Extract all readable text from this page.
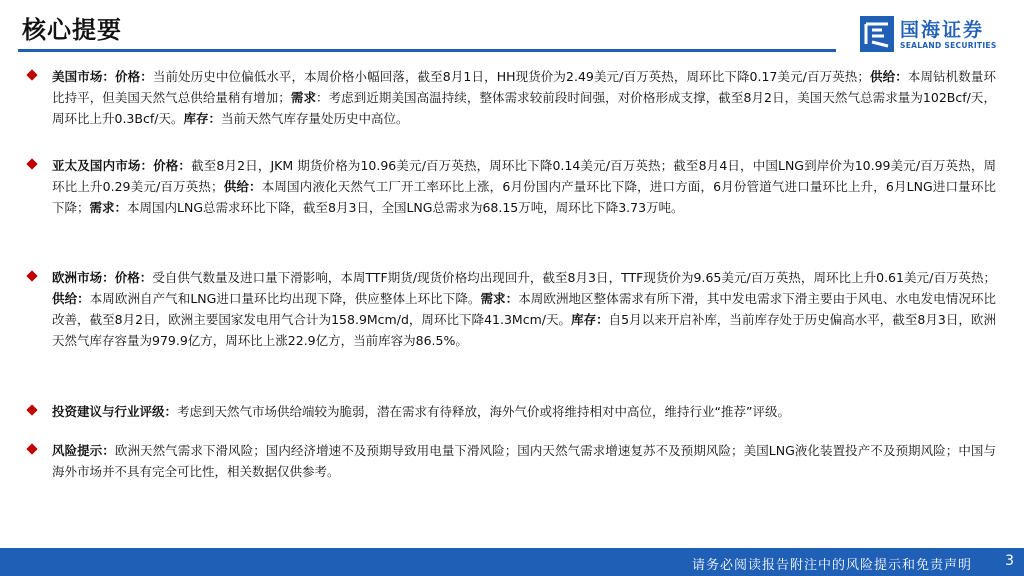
核心提要	国海证券
SEALAND SECURITIES
美国市场：价格：当前处历史中位偏低水平，本周价格小幅回落，截至8月1日，HH现货价为2.49美元/百万英热，周环比下降0.17美元/百万英热；供给：本周钻机数量环比持平，但美国天然气总供给量稍有增加；需求：考虑到近期美国高温持续，整体需求较前段时间强，对价格形成支撑，截至8月2日，美国天然气总需求量为102Bcf/天，周环比上升0.3Bcf/天。库存：当前天然气库存量处历史中高位。
亚太及国内市场：价格：截至8月2日，JKM 期货价格为10.96美元/百万英热，周环比下降0.14美元/百万英热；截至8月4日，中国LNG到岸价为10.99美元/百万英热，周环比上升0.29美元/百万英热；供给：本周国内液化天然气工厂开工率环比上涨，6月份国内产量环比下降，进口方面，6月份管道气进口量环比上升，6月LNG进口量环比下降；需求：本周国内LNG总需求环比下降，截至8月3日，全国LNG总需求为68.15万吨，周环比下降3.73万吨。
欧洲市场：价格：受自供气数量及进口量下滑影响，本周TTF期货/现货价格均出现回升，截至8月3日，TTF现货价为9.65美元/百万英热，周环比上升0.61美元/百万英热；供给：本周欧洲自产气和LNG进口量环比均出现下降，供应整体上环比下降。需求：本周欧洲地区整体需求有所下滑，其中发电需求下滑主要由于风电、水电发电情况环比改善，截至8月2日，欧洲主要国家发电用气合计为158.9Mcm/d，周环比下降41.3Mcm/天。库存：自5月以来开启补库，当前库存处于历史偏高水平，截至8月3日，欧洲天然气库存容量为979.9亿方，周环比上涨22.9亿方，当前库容为86.5%。
投资建议与行业评级：考虑到天然气市场供给端较为脆弱，潜在需求有待释放，海外气价或将维持相对中高位，维持行业“推荐”评级。
风险提示：欧洲天然气需求下滑风险；国内经济增速不及预期导致用电量下滑风险；国内天然气需求增速复苏不及预期风险；美国LNG液化装置投产不及预期风险；中国与海外市场并不具有完全可比性，相关数据仅供参考。
请务必阅读报告附注中的风险提示和免责声明 3
